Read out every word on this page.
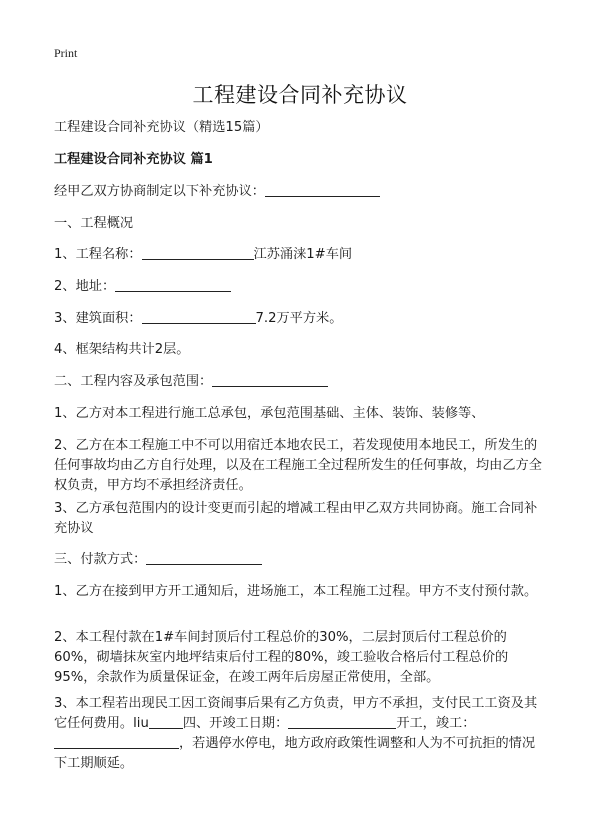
Print
工程建设合同补充协议
工程建设合同补充协议（精选15篇）
工程建设合同补充协议 篇1
经甲乙双方协商制定以下补充协议：
一、工程概况
1、工程名称：	江苏涌涞1#车间
2、地址：
3、建筑面积：	7.2万平方米。
4、框架结构共计2层。
二、工程内容及承包范围：
1、乙方对本工程进行施工总承包，承包范围基础、主体、装饰、装修等、
2、乙方在本工程施工中不可以用宿迁本地农民工，若发现使用本地民工，所发生的任何事故均由乙方自行处理，以及在工程施工全过程所发生的任何事故，均由乙方全权负责，甲方均不承担经济责任。
3、乙方承包范围内的设计变更而引起的增减工程由甲乙双方共同协商。施工合同补充协议
三、付款方式：
1、乙方在接到甲方开工通知后，进场施工，本工程施工过程。甲方不支付预付款。
2、本工程付款在1#车间封顶后付工程总价的30%，二层封顶后付工程总价的60%，砌墙抹灰室内地坪结束后付工程的80%，竣工验收合格后付工程总价的95%，余款作为质量保证金，在竣工两年后房屋正常使用，全部。
3、本工程若出现民工因工资闹事后果有乙方负责，甲方不承担，支付民工工资及其它任何费用。liu	四、开竣工日期：	开工，竣工：，若遇停水停电，地方政府政策性调整和人为不可抗拒的情况下工期顺延。
